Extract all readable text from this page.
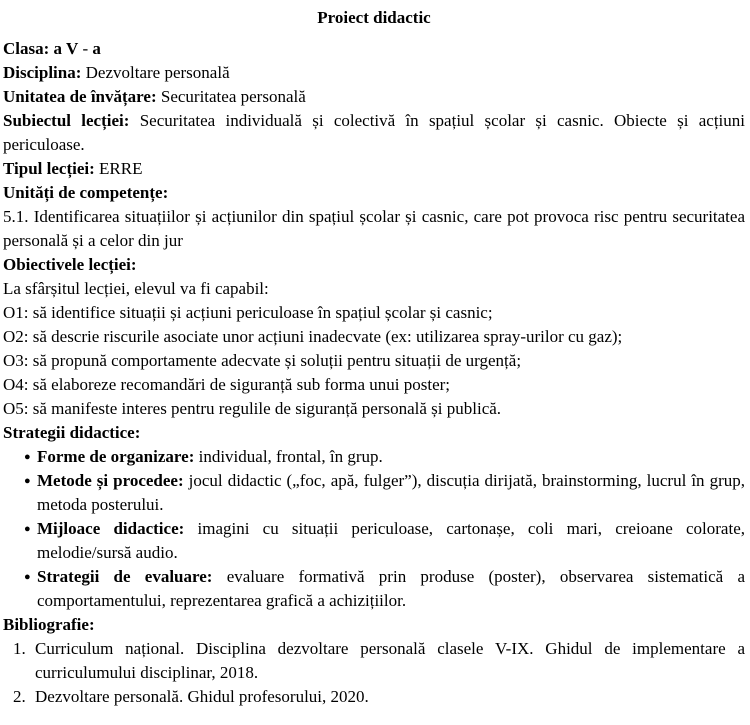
Proiect didactic

Clasa: a V - a

Disciplina: Dezvoltare personală

Unitatea de învățare: Securitatea personală

Subiectul lecției: Securitatea individuală și colectivă în spațiul școlar și casnic. Obiecte și acțiuni periculoase.

Tipul lecției: ERRE

Unități de competențe:

5.1. Identificarea situațiilor și acțiunilor din spațiul școlar și casnic, care pot provoca risc pentru securitatea personală și a celor din jur

Obiectivele lecției:

La sfârșitul lecției, elevul va fi capabil:

O1: să identifice situații și acțiuni periculoase în spațiul școlar și casnic;

O2: să descrie riscurile asociate unor acțiuni inadecvate (ex: utilizarea spray-urilor cu gaz);

O3: să propună comportamente adecvate și soluții pentru situații de urgență;

O4: să elaboreze recomandări de siguranță sub forma unui poster;

O5: să manifeste interes pentru regulile de siguranță personală și publică.

Strategii didactice:

● Forme de organizare: individual, frontal, în grup.
● Metode și procedee: jocul didactic („foc, apă, fulger”), discuția dirijată, brainstorming, lucrul în grup, metoda posterului.
● Mijloace didactice: imagini cu situații periculoase, cartonașe, coli mari, creioane colorate, melodie/sursă audio.
● Strategii de evaluare: evaluare formativă prin produse (poster), observarea sistematică a comportamentului, reprezentarea grafică a achizițiilor.

Bibliografie:

1. Curriculum național. Disciplina dezvoltare personală clasele V-IX. Ghidul de implementare a curriculumului disciplinar, 2018.
2. Dezvoltare personală. Ghidul profesorului, 2020.
